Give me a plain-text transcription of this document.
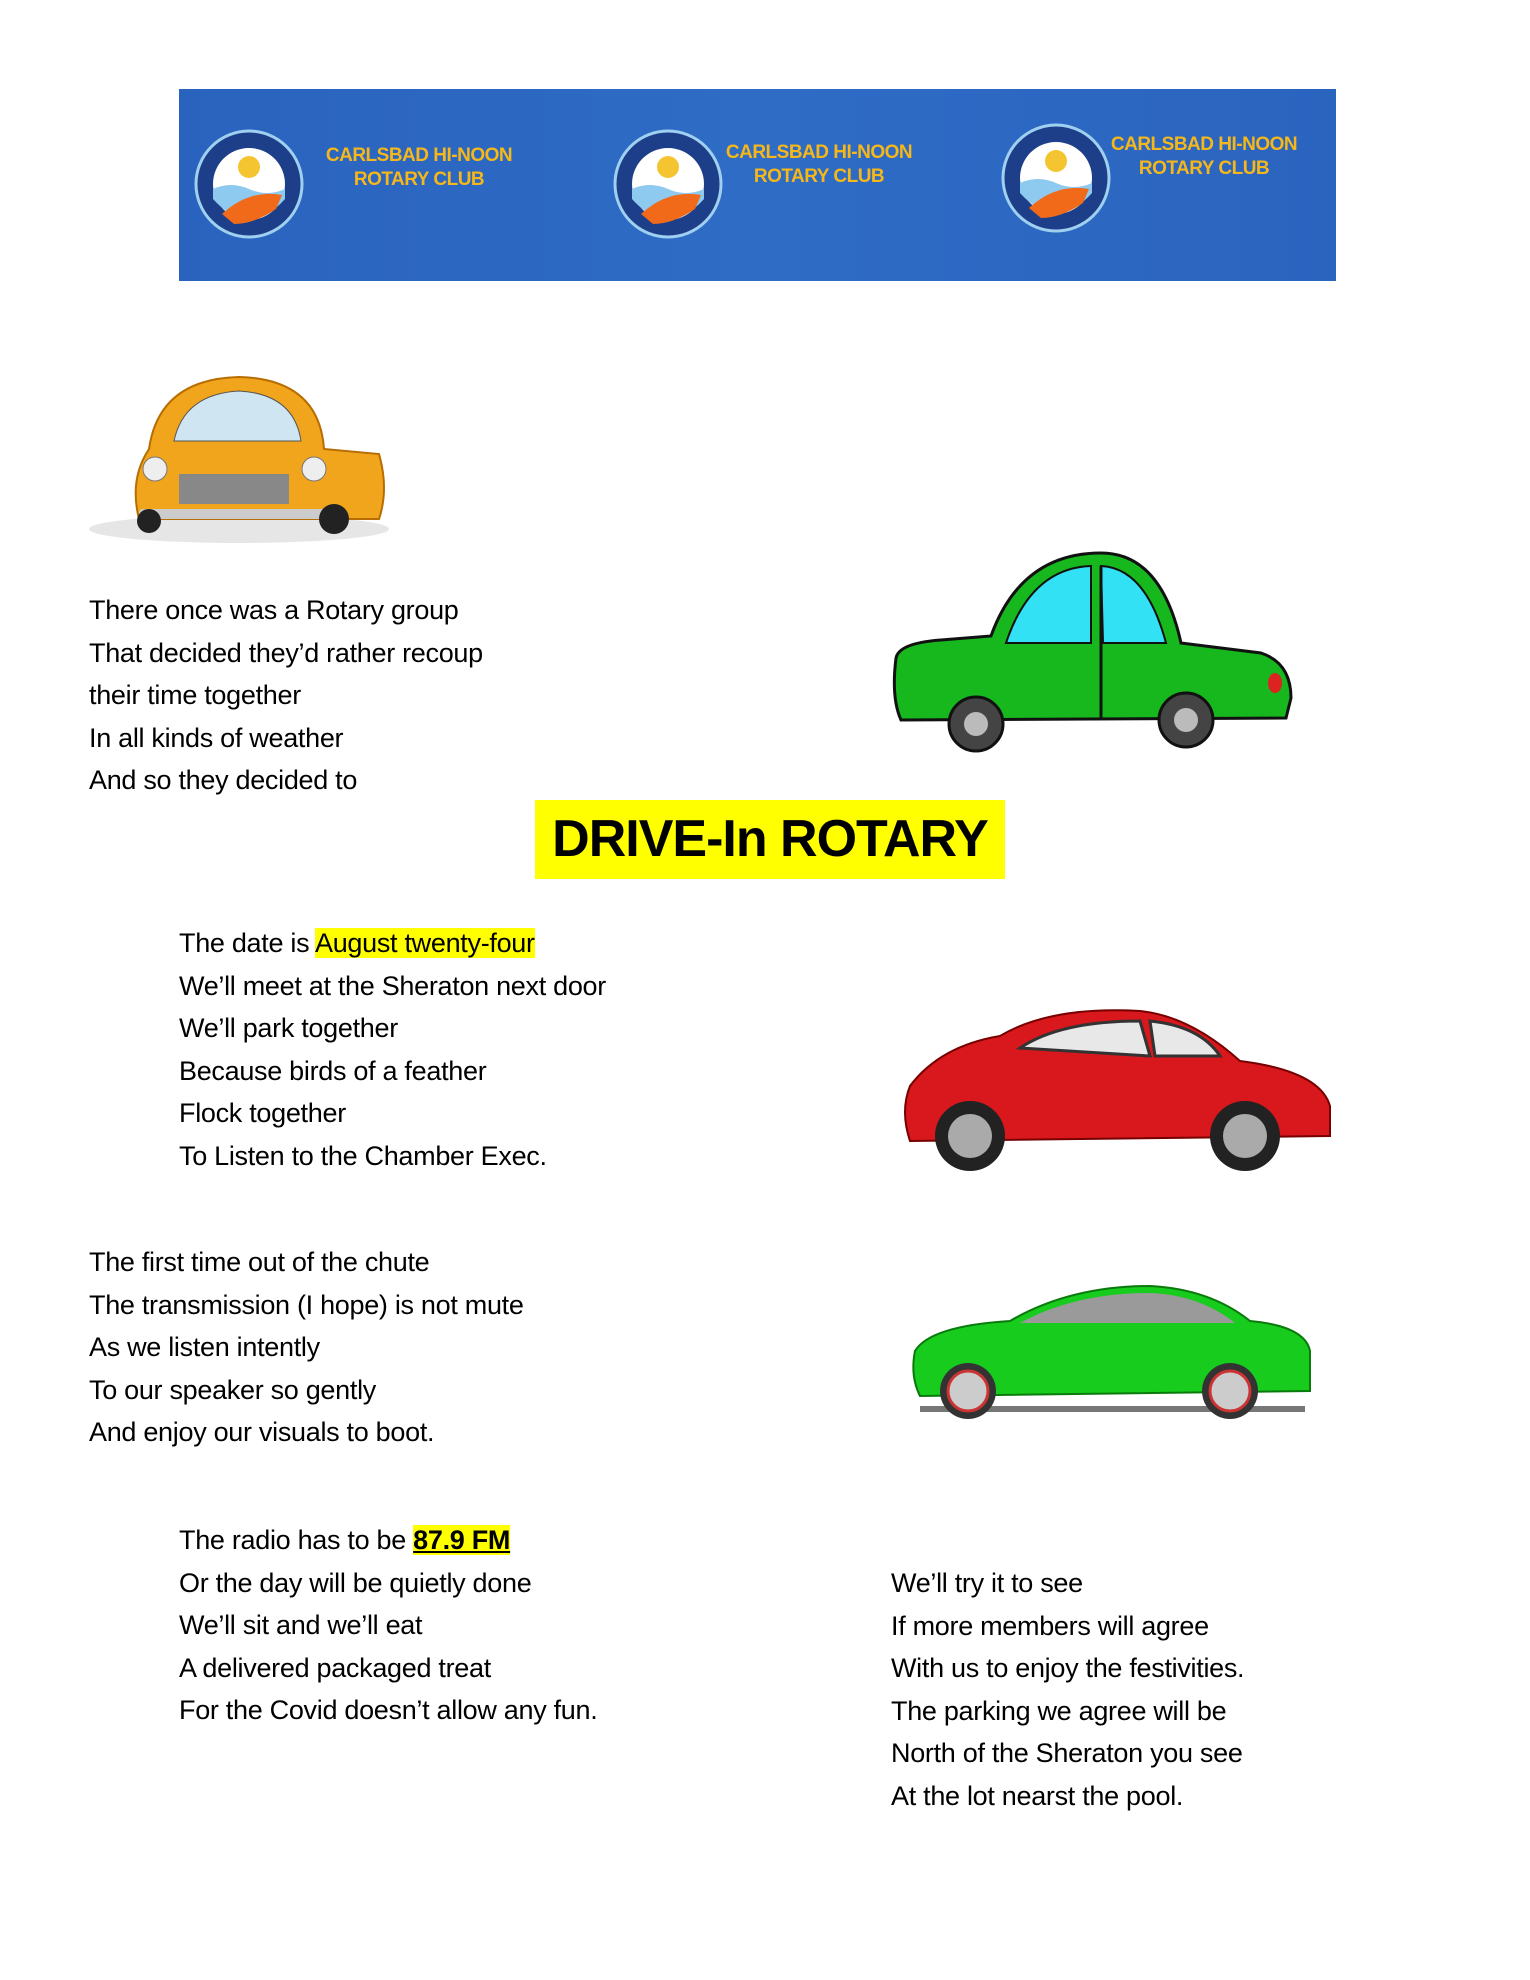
CARLSBAD HI-NOON
ROTARY CLUB
CARLSBAD HI-NOON
ROTARY CLUB
CARLSBAD HI-NOON
ROTARY CLUB
There once was a Rotary group
That decided they’d rather recoup
their time together
In all kinds of weather
And so they decided to
DRIVE-In ROTARY
The date is August twenty-four
We’ll meet at the Sheraton next door
We’ll park together
Because birds of a feather
Flock together
To Listen to the Chamber Exec.
The first time out of the chute
The transmission (I hope) is not mute
As we listen intently
To our speaker so gently
And enjoy our visuals to boot.
The radio has to be 87.9 FM
Or the day will be quietly done
We’ll sit and we’ll eat
A delivered packaged treat
For the Covid doesn’t allow any fun.
We’ll try it to see
If more members will agree
With us to enjoy the festivities.
The parking we agree will be
North of the Sheraton you see
At the lot nearst the pool.
